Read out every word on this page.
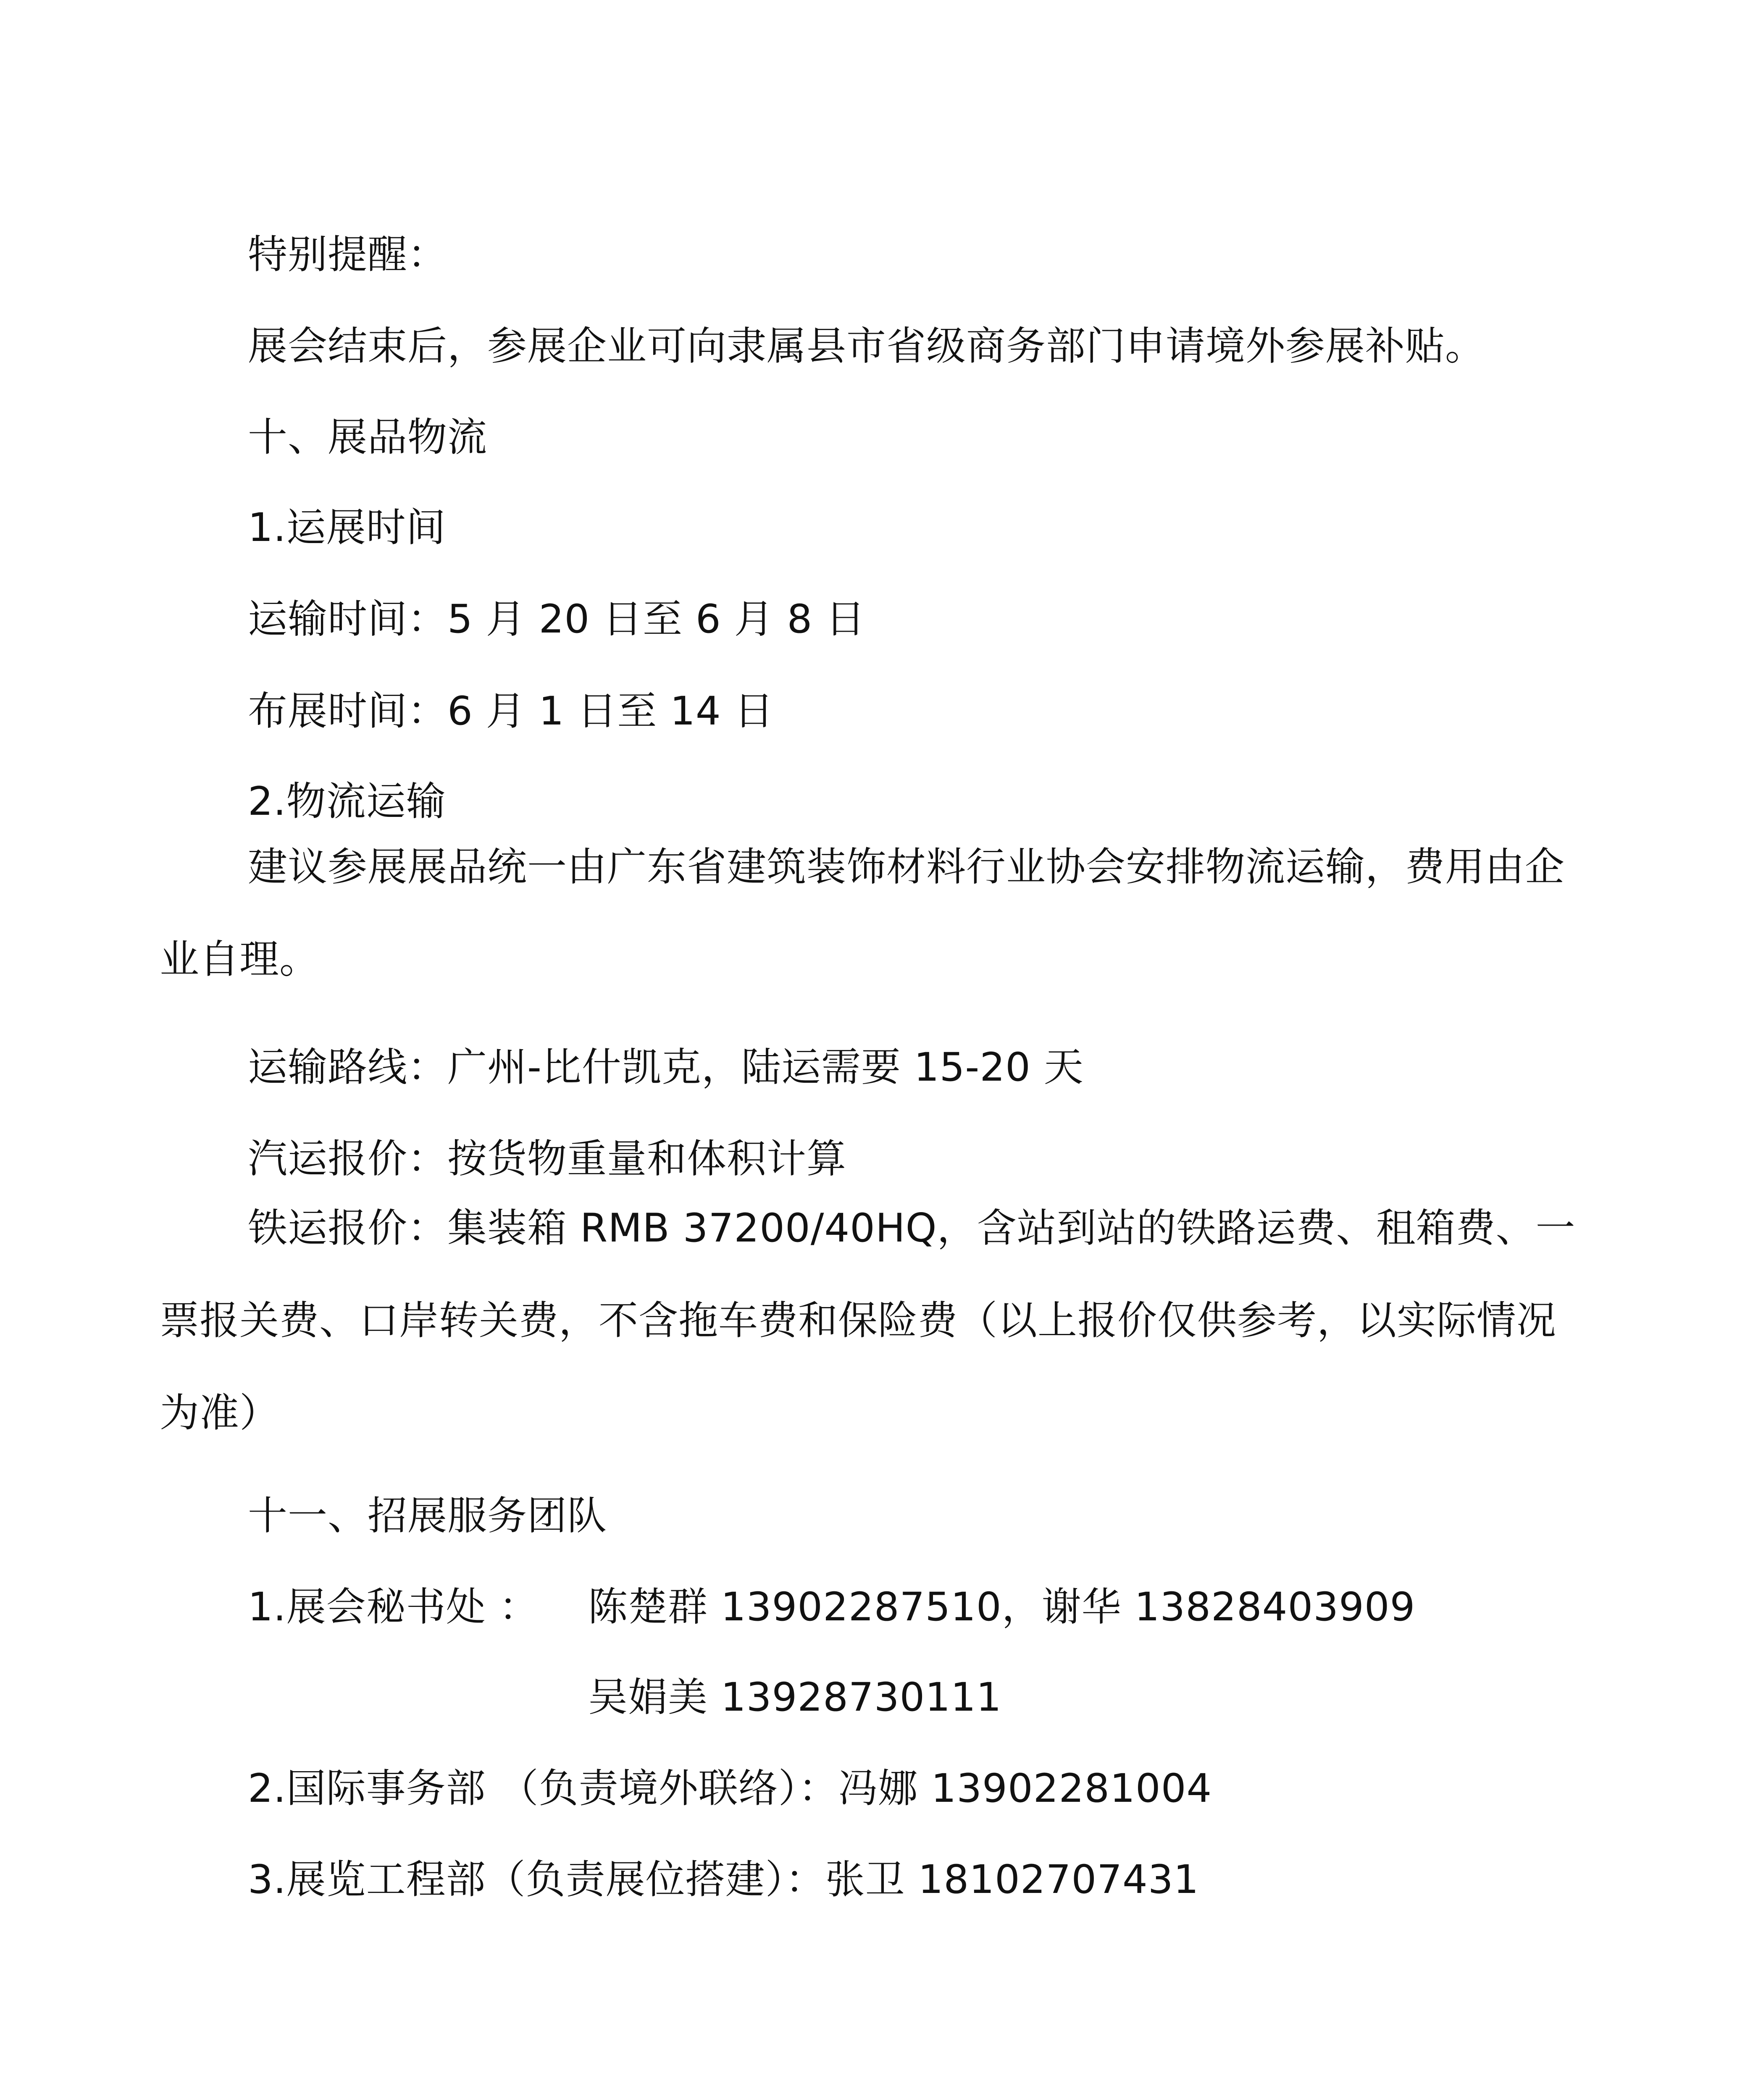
特别提醒：
展会结束后，参展企业可向隶属县市省级商务部门申请境外参展补贴。
十、展品物流
1.运展时间
运输时间：5 月 20 日至 6 月 8 日
布展时间：6 月 1 日至 14 日
2.物流运输
建议参展展品统一由广东省建筑装饰材料行业协会安排物流运输，费用由企业自理。
运输路线：广州-比什凯克，陆运需要 15-20 天
汽运报价：按货物重量和体积计算
铁运报价：集装箱 RMB 37200/40HQ，含站到站的铁路运费、租箱费、一票报关费、口岸转关费，不含拖车费和保险费（以上报价仅供参考，以实际情况为准）
十一、招展服务团队
1.展会秘书处 ： 陈楚群 13902287510，谢华 13828403909
吴娟美 13928730111
2.国际事务部 （负责境外联络）：冯娜 13902281004
3.展览工程部（负责展位搭建）：张卫 18102707431
